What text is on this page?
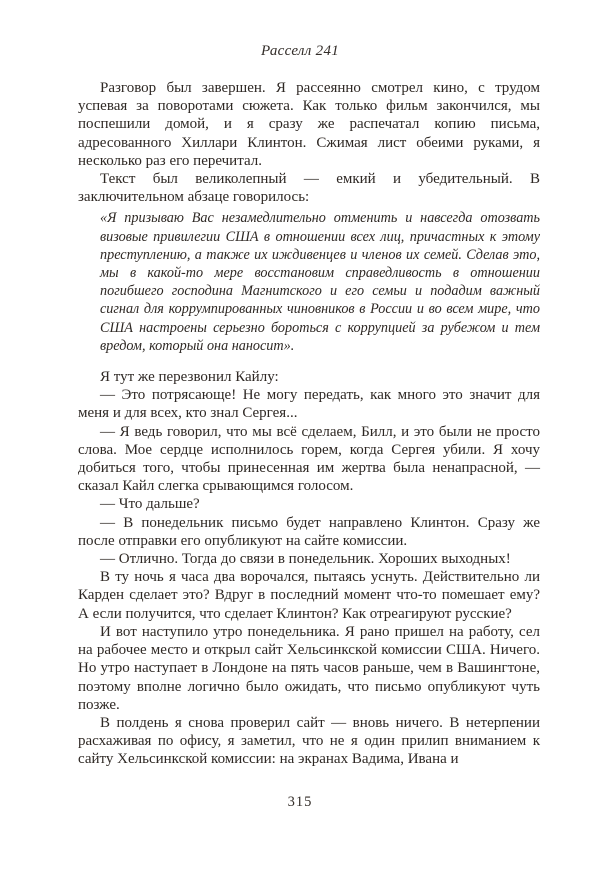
Расселл 241

Разговор был завершен. Я рассеянно смотрел кино, с трудом успевая за поворотами сюжета. Как только фильм закончился, мы поспешили домой, и я сразу же распечатал копию письма, адресованного Хиллари Клинтон. Сжимая лист обеими руками, я несколько раз его перечитал.

Текст был великолепный — емкий и убедительный. В заключительном абзаце говорилось:

«Я призываю Вас незамедлительно отменить и навсегда отозвать визовые привилегии США в отношении всех лиц, причастных к этому преступлению, а также их иждивенцев и членов их семей. Сделав это, мы в какой-то мере восстановим справедливость в отношении погибшего господина Магнитского и его семьи и подадим важный сигнал для коррумпированных чиновников в России и во всем мире, что США настроены серьезно бороться с коррупцией за рубежом и тем вредом, который она наносит».

Я тут же перезвонил Кайлу:

— Это потрясающе! Не могу передать, как много это значит для меня и для всех, кто знал Сергея...

— Я ведь говорил, что мы всё сделаем, Билл, и это были не просто слова. Мое сердце исполнилось горем, когда Сергея убили. Я хочу добиться того, чтобы принесенная им жертва была ненапрасной, — сказал Кайл слегка срывающимся голосом.

— Что дальше?

— В понедельник письмо будет направлено Клинтон. Сразу же после отправки его опубликуют на сайте комиссии.

— Отлично. Тогда до связи в понедельник. Хороших выходных!

В ту ночь я часа два ворочался, пытаясь уснуть. Действительно ли Карден сделает это? Вдруг в последний момент что-то помешает ему? А если получится, что сделает Клинтон? Как отреагируют русские?

И вот наступило утро понедельника. Я рано пришел на работу, сел на рабочее место и открыл сайт Хельсинкской комиссии США. Ничего. Но утро наступает в Лондоне на пять часов раньше, чем в Вашингтоне, поэтому вполне логично было ожидать, что письмо опубликуют чуть позже.

В полдень я снова проверил сайт — вновь ничего. В нетерпении расхаживая по офису, я заметил, что не я один прилип вниманием к сайту Хельсинкской комиссии: на экранах Вадима, Ивана и

315
